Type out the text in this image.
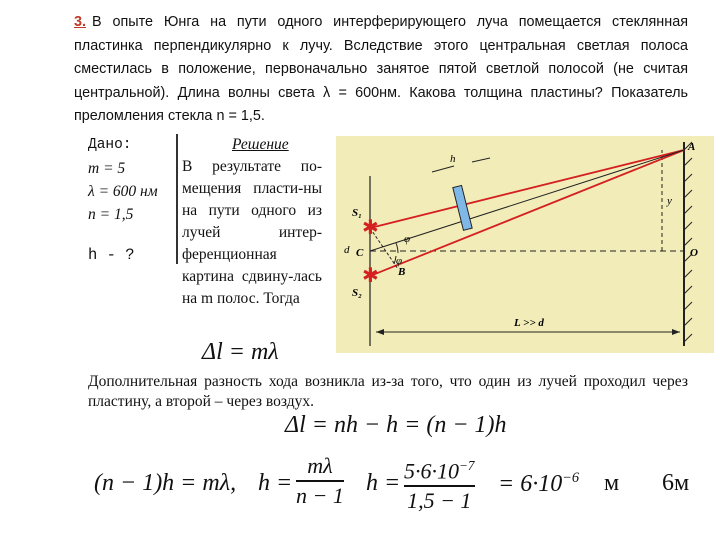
3. В опыте Юнга на пути одного интерферирующего луча помещается стеклянная пластинка перпендикулярно к лучу. Вследствие этого центральная светлая полоса сместилась в положение, первоначально занятое пятой светлой полосой (не считая центральной). Длина волны света λ = 600нм. Какова толщина пластины? Показатель преломления стекла n = 1,5.
Дано:
m = 5
λ = 600 нм
n = 1,5
h - ?
Решение
В результате по-мещения пласти-ны на пути одного из лучей интер-ференционная картина сдвину-лась на m полос. Тогда
Δl = mλ
✱
✱
h
A
S₁
S₂
d C
B
φ
φ
y
O
L >> d
Дополнительная разность хода возникла из-за того, что один из лучей проходил через пластину, а второй – через воздух.
Δl = nh − h = (n − 1)h
(n − 1)h = mλ, h =
mλ
n − 1 $h = 5\cdot 6\cdot 10^{-7}$
1,5 − 1
= $6\cdot 10^{-6}$ м 6м
